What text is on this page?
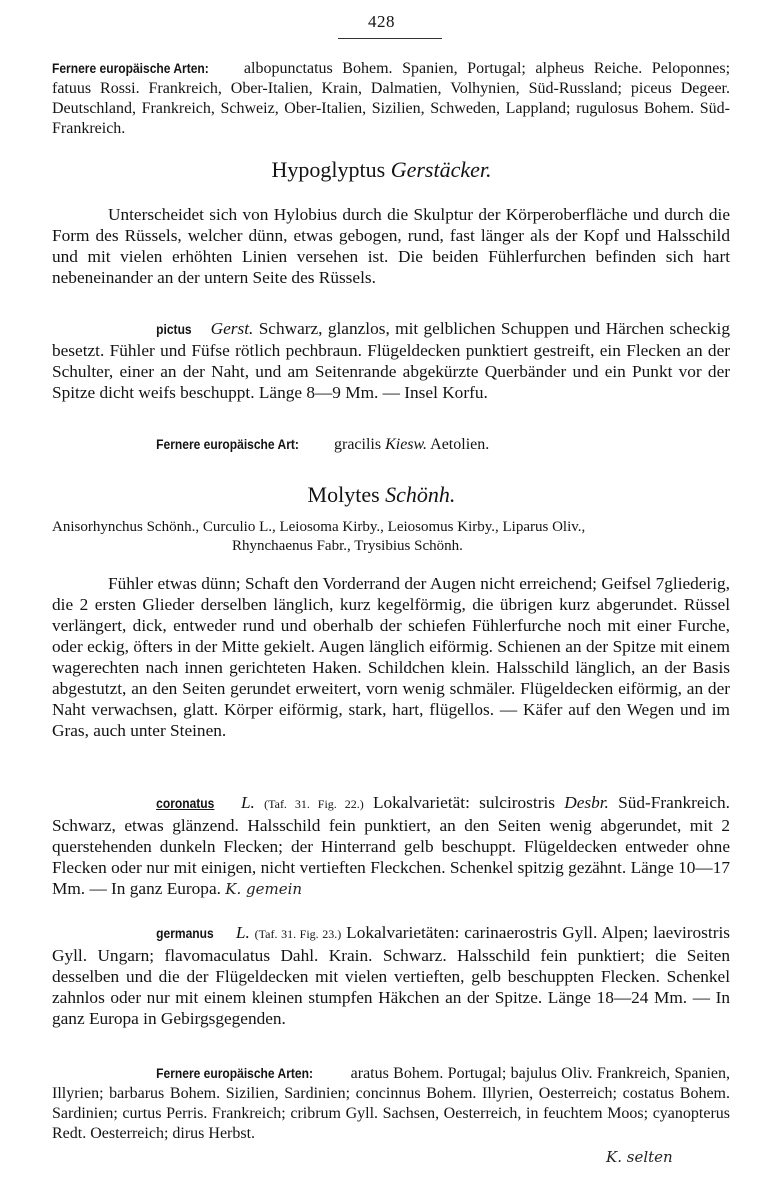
428

Fernere europäische Arten: albopunctatus Bohem. Spanien, Portugal; alpheus Reiche. Peloponnes; fatuus Rossi. Frankreich, Ober-Italien, Krain, Dalmatien, Volhynien, Süd-Russland; piceus Degeer. Deutschland, Frankreich, Schweiz, Ober-Italien, Sizilien, Schweden, Lappland; rugulosus Bohem. Süd-Frankreich.

Hypoglyptus Gerstäcker.

Unterscheidet sich von Hylobius durch die Skulptur der Körperoberfläche und durch die Form des Rüssels, welcher dünn, etwas gebogen, rund, fast länger als der Kopf und Halsschild und mit vielen erhöhten Linien versehen ist. Die beiden Fühlerfurchen befinden sich hart nebeneinander an der untern Seite des Rüssels.

pictus Gerst. Schwarz, glanzlos, mit gelblichen Schuppen und Härchen scheckig besetzt. Fühler und Füfse rötlich pechbraun. Flügeldecken punktiert gestreift, ein Flecken an der Schulter, einer an der Naht, und am Seitenrande abgekürzte Querbänder und ein Punkt vor der Spitze dicht weifs beschuppt. Länge 8—9 Mm. — Insel Korfu.

Fernere europäische Art: gracilis Kiesw. Aetolien.

Molytes Schönh.
Anisorhynchus Schönh., Curculio L., Leiosoma Kirby., Leiosomus Kirby., Liparus Oliv.,
Rhynchaenus Fabr., Trysibius Schönh.

Fühler etwas dünn; Schaft den Vorderrand der Augen nicht erreichend; Geifsel 7gliederig, die 2 ersten Glieder derselben länglich, kurz kegelförmig, die übrigen kurz abgerundet. Rüssel verlängert, dick, entweder rund und oberhalb der schiefen Fühlerfurche noch mit einer Furche, oder eckig, öfters in der Mitte gekielt. Augen länglich eiförmig. Schienen an der Spitze mit einem wagerechten nach innen gerichteten Haken. Schildchen klein. Halsschild länglich, an der Basis abgestutzt, an den Seiten gerundet erweitert, vorn wenig schmäler. Flügeldecken eiförmig, an der Naht verwachsen, glatt. Körper eiförmig, stark, hart, flügellos. — Käfer auf den Wegen und im Gras, auch unter Steinen.

coronatus L. (Taf. 31. Fig. 22.) Lokalvarietät: sulcirostris Desbr. Süd-Frankreich. Schwarz, etwas glänzend. Halsschild fein punktiert, an den Seiten wenig abgerundet, mit 2 querstehenden dunkeln Flecken; der Hinterrand gelb beschuppt. Flügeldecken entweder ohne Flecken oder nur mit einigen, nicht vertieften Fleckchen. Schenkel spitzig gezähnt. Länge 10—17 Mm. — In ganz Europa. K. gemein

germanus L. (Taf. 31. Fig. 23.) Lokalvarietäten: carinaerostris Gyll. Alpen; laevirostris Gyll. Ungarn; flavomaculatus Dahl. Krain. Schwarz. Halsschild fein punktiert; die Seiten desselben und die der Flügeldecken mit vielen vertieften, gelb beschuppten Flecken. Schenkel zahnlos oder nur mit einem kleinen stumpfen Häkchen an der Spitze. Länge 18—24 Mm. — In ganz Europa in Gebirgsgegenden.

Fernere europäische Arten: aratus Bohem. Portugal; bajulus Oliv. Frankreich, Spanien, Illyrien; barbarus Bohem. Sizilien, Sardinien; concinnus Bohem. Illyrien, Oesterreich; costatus Bohem. Sardinien; curtus Perris. Frankreich; cribrum Gyll. Sachsen, Oesterreich, in feuchtem Moos; cyanopterus Redt. Oesterreich; dirus Herbst.

K. selten
